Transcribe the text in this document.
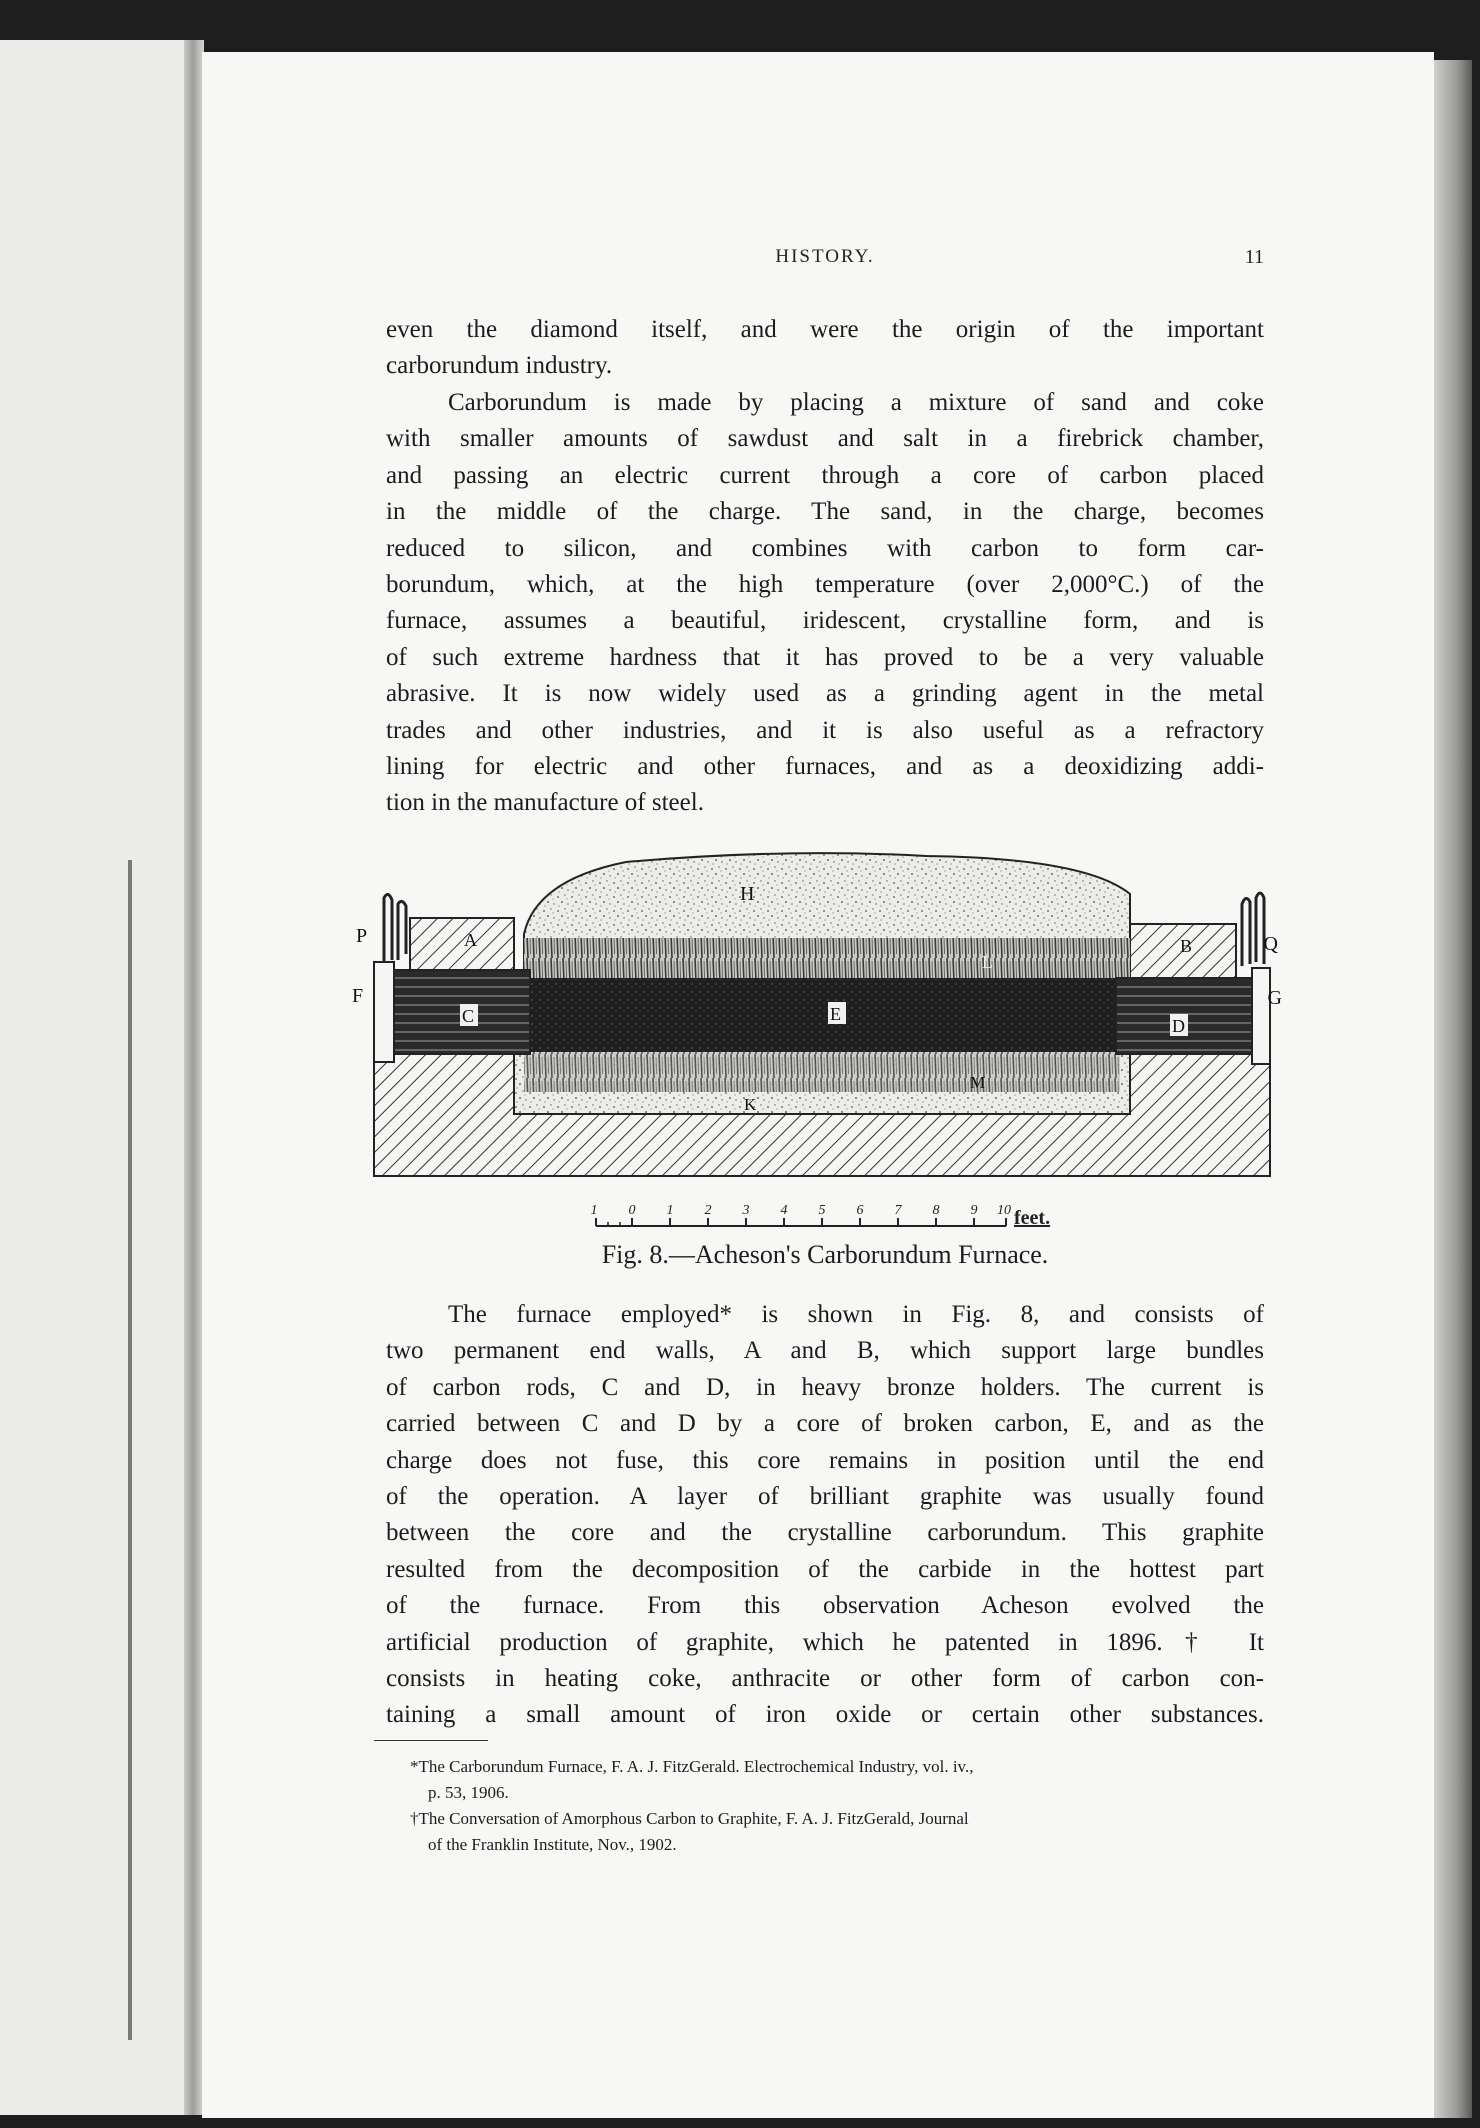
HISTORY.	11
even the diamond itself, and were the origin of the important
carborundum industry.
Carborundum is made by placing a mixture of sand and coke
with smaller amounts of sawdust and salt in a firebrick chamber,
and passing an electric current through a core of carbon placed
in the middle of the charge. The sand, in the charge, becomes
reduced to silicon, and combines with carbon to form car-
borundum, which, at the high temperature (over 2,000°C.) of the
furnace, assumes a beautiful, iridescent, crystalline form, and is
of such extreme hardness that it has proved to be a very valuable
abrasive. It is now widely used as a grinding agent in the metal
trades and other industries, and it is also useful as a refractory
lining for electric and other furnaces, and as a deoxidizing addi-
tion in the manufacture of steel.
H
L
A	B
P	Q
F	G
C	E
D
K
M
1 0 1 2 3 4 5 6 7 8 9 10 feet.
Fig. 8.—Acheson's Carborundum Furnace.
The furnace employed* is shown in Fig. 8, and consists of
two permanent end walls, A and B, which support large bundles
of carbon rods, C and D, in heavy bronze holders. The current is
carried between C and D by a core of broken carbon, E, and as the
charge does not fuse, this core remains in position until the end
of the operation. A layer of brilliant graphite was usually found
between the core and the crystalline carborundum. This graphite
resulted from the decomposition of the carbide in the hottest part
of the furnace. From this observation Acheson evolved the
artificial production of graphite, which he patented in 1896.† It
consists in heating coke, anthracite or other form of carbon con-
taining a small amount of iron oxide or certain other substances.
*The Carborundum Furnace, F. A. J. FitzGerald. Electrochemical Industry, vol. iv.,
p. 53, 1906.
†The Conversation of Amorphous Carbon to Graphite, F. A. J. FitzGerald, Journal
of the Franklin Institute, Nov., 1902.
